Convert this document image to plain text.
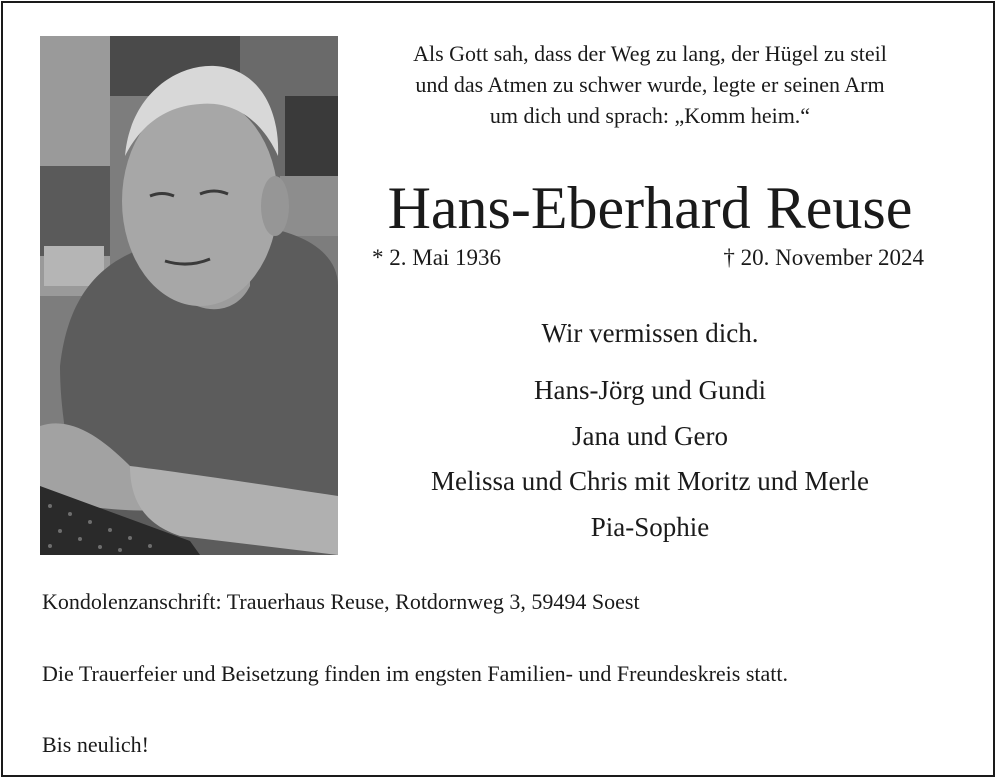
Als Gott sah, dass der Weg zu lang, der Hügel zu steil
und das Atmen zu schwer wurde, legte er seinen Arm
um dich und sprach: „Komm heim.“
Hans-Eberhard Reuse
* 2. Mai 1936	† 20. November 2024
Wir vermissen dich.
Hans-Jörg und Gundi
Jana und Gero
Melissa und Chris mit Moritz und Merle
Pia-Sophie
Kondolenzanschrift: Trauerhaus Reuse, Rotdornweg 3, 59494 Soest
Die Trauerfeier und Beisetzung finden im engsten Familien- und Freundeskreis statt.
Bis neulich!
